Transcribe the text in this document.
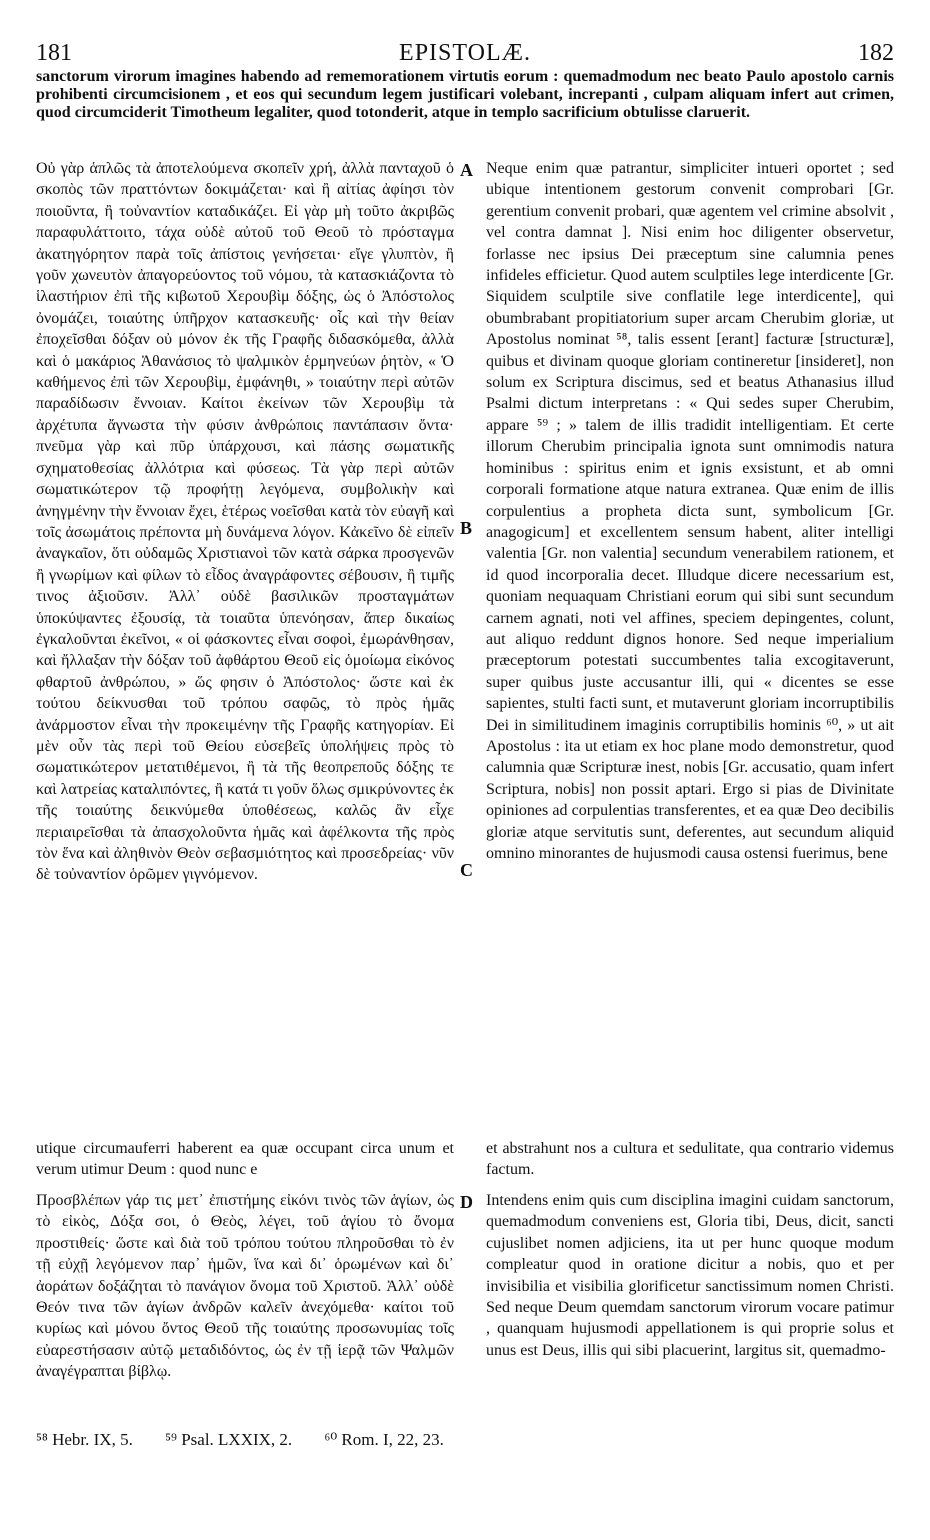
181	EPISTOLÆ.	182
sanctorum virorum imagines habendo ad rememorationem virtutis eorum : quemadmodum nec beato Paulo apostolo carnis prohibenti circumcisionem , et eos qui secundum legem justificari volebant, increpanti , culpam aliquam infert aut crimen, quod circumciderit Timotheum legaliter, quod totonderit, atque in templo sacrificium obtulisse claruerit.
Οὐ γὰρ ἁπλῶς τὰ ἀποτελούμενα σκοπεῖν χρή, ἀλλὰ πανταχοῦ ὁ σκοπὸς τῶν πραττόντων δοκιμάζεται· καὶ ἢ αἰτίας ἀφίησι τὸν ποιοῦντα, ἢ τοὐναντίον καταδικάζει. Εἰ γὰρ μὴ τοῦτο ἀκριβῶς παραφυλάττοιτο, τάχα οὐδὲ αὐτοῦ τοῦ Θεοῦ τὸ πρόσταγμα ἀκατηγόρητον παρὰ τοῖς ἀπίστοις γενήσεται· εἴγε γλυπτὸν, ἢ γοῦν χωνευτὸν ἀπαγορεύοντος τοῦ νόμου, τὰ κατασκιάζοντα τὸ ἱλαστήριον ἐπὶ τῆς κιβωτοῦ Χερουβὶμ δόξης, ὡς ὁ Ἀπόστολος ὀνομάζει, τοιαύτης ὑπῆρχον κατασκευῆς· οἷς καὶ τὴν θείαν ἐποχεῖσθαι δόξαν οὐ μόνον ἐκ τῆς Γραφῆς διδασκόμεθα, ἀλλὰ καὶ ὁ μακάριος Ἀθανάσιος τὸ ψαλμικὸν ἑρμηνεύων ῥητὸν, « Ὁ καθήμενος ἐπὶ τῶν Χερουβὶμ, ἐμφάνηθι, » τοιαύτην περὶ αὐτῶν παραδίδωσιν ἔννοιαν. Καίτοι ἐκείνων τῶν Χερουβὶμ τὰ ἀρχέτυπα ἄγνωστα τὴν φύσιν ἀνθρώποις παντάπασιν ὄντα· πνεῦμα γὰρ καὶ πῦρ ὑπάρχουσι, καὶ πάσης σωματικῆς σχηματοθεσίας ἀλλότρια καὶ φύσεως. Τὰ γὰρ περὶ αὐτῶν σωματικώτερον τῷ προφήτῃ λεγόμενα, συμβολικὴν καὶ ἀνηγμένην τὴν ἔννοιαν ἔχει, ἑτέρως νοεῖσθαι κατὰ τὸν εὐαγῆ καὶ τοῖς ἀσωμάτοις πρέποντα μὴ δυνάμενα λόγον. Κἀκεῖνο δὲ εἰπεῖν ἀναγκαῖον, ὅτι οὐδαμῶς Χριστιανοὶ τῶν κατὰ σάρκα προσγενῶν ἢ γνωρίμων καὶ φίλων τὸ εἶδος ἀναγράφοντες σέβουσιν, ἢ τιμῆς τινος ἀξιοῦσιν. Ἀλλ᾽ οὐδὲ βασιλικῶν προσταγμάτων ὑποκύψαντες ἐξουσίᾳ, τὰ τοιαῦτα ὑπενόησαν, ἅπερ δικαίως ἐγκαλοῦνται ἐκεῖνοι, « οἱ φάσκοντες εἶναι σοφοὶ, ἐμωράνθησαν, καὶ ἤλλαξαν τὴν δόξαν τοῦ ἀφθάρτου Θεοῦ εἰς ὁμοίωμα εἰκόνος φθαρτοῦ ἀνθρώπου, » ὥς φησιν ὁ Ἀπόστολος· ὥστε καὶ ἐκ τούτου δείκνυσθαι τοῦ τρόπου σαφῶς, τὸ πρὸς ἡμᾶς ἀνάρμοστον εἶναι τὴν προκειμένην τῆς Γραφῆς κατηγορίαν. Εἰ μὲν οὖν τὰς περὶ τοῦ Θείου εὐσεβεῖς ὑπολήψεις πρὸς τὸ σωματικώτερον μετατιθέμενοι, ἢ τὰ τῆς θεοπρεποῦς δόξης τε καὶ λατρείας καταλιπόντες, ἢ κατά τι γοῦν ὅλως σμικρύνοντες ἐκ τῆς τοιαύτης δεικνύμεθα ὑποθέσεως, καλῶς ἂν εἶχε περιαιρεῖσθαι τὰ ἀπασχολοῦντα ἡμᾶς καὶ ἀφέλκοντα τῆς πρὸς τὸν ἕνα καὶ ἀληθινὸν Θεὸν σεβασμιότητος καὶ προσεδρείας· νῦν δὲ τοὐναντίον ὁρῶμεν γιγνόμενον.
Neque enim quæ patrantur, simpliciter intueri oportet ; sed ubique intentionem gestorum convenit comprobari [Gr. gerentium convenit probari, quæ agentem vel crimine absolvit , vel contra damnat ]. Nisi enim hoc diligenter observetur, forlasse nec ipsius Dei præceptum sine calumnia penes infideles efficietur. Quod autem sculptiles lege interdicente [Gr. Siquidem sculptile sive conflatile lege interdicente], qui obumbrabant propitiatorium super arcam Cherubim gloriæ, ut Apostolus nominat ⁵⁸, talis essent [erant] facturæ [structuræ], quibus et divinam quoque gloriam contineretur [insideret], non solum ex Scriptura discimus, sed et beatus Athanasius illud Psalmi dictum interpretans : « Qui sedes super Cherubim, appare ⁵⁹ ; » talem de illis tradidit intelligentiam. Et certe illorum Cherubim principalia ignota sunt omnimodis natura hominibus : spiritus enim et ignis exsistunt, et ab omni corporali formatione atque natura extranea. Quæ enim de illis corpulentius a propheta dicta sunt, symbolicum [Gr. anagogicum] et excellentem sensum habent, aliter intelligi valentia [Gr. non valentia] secundum venerabilem rationem, et id quod incorporalia decet. Illudque dicere necessarium est, quoniam nequaquam Christiani eorum qui sibi sunt secundum carnem agnati, noti vel affines, speciem depingentes, colunt, aut aliquo reddunt dignos honore. Sed neque imperialium præceptorum potestati succumbentes talia excogitaverunt, super quibus juste accusantur illi, qui « dicentes se esse sapientes, stulti facti sunt, et mutaverunt gloriam incorruptibilis Dei in similitudinem imaginis corruptibilis hominis ⁶⁰, » ut ait Apostolus : ita ut etiam ex hoc plane modo demonstretur, quod calumnia quæ Scripturæ inest, nobis [Gr. accusatio, quam infert Scriptura, nobis] non possit aptari. Ergo si pias de Divinitate opiniones ad corpulentias transferentes, et ea quæ Deo decibilis gloriæ atque servitutis sunt, deferentes, aut secundum aliquid omnino minorantes de hujusmodi causa ostensi fuerimus, bene
utique circumauferri haberent ea quæ occupant circa unum et verum utimur Deum : quod nunc e
et abstrahunt nos a cultura et sedulitate, qua contrario videmus factum.
Προσβλέπων γάρ τις μετ᾽ ἐπιστήμης εἰκόνι τινὸς τῶν ἁγίων, ὡς τὸ εἰκὸς, Δόξα σοι, ὁ Θεὸς, λέγει, τοῦ ἁγίου τὸ ὄνομα προστιθείς· ὥστε καὶ διὰ τοῦ τρόπου τούτου πληροῦσθαι τὸ ἐν τῇ εὐχῇ λεγόμενον παρ᾽ ἡμῶν, ἵνα καὶ δι᾽ ὁρωμένων καὶ δι᾽ ἀοράτων δοξάζηται τὸ πανάγιον ὄνομα τοῦ Χριστοῦ. Ἀλλ᾽ οὐδὲ Θεόν τινα τῶν ἁγίων ἀνδρῶν καλεῖν ἀνεχόμεθα· καίτοι τοῦ κυρίως καὶ μόνου ὄντος Θεοῦ τῆς τοιαύτης προσωνυμίας τοῖς εὐαρεστήσασιν αὐτῷ μεταδιδόντος, ὡς ἐν τῇ ἱερᾷ τῶν Ψαλμῶν ἀναγέγραπται βίβλῳ.
Intendens enim quis cum disciplina imagini cuidam sanctorum, quemadmodum conveniens est, Gloria tibi, Deus, dicit, sancti cujuslibet nomen adjiciens, ita ut per hunc quoque modum compleatur quod in oratione dicitur a nobis, quo et per invisibilia et visibilia glorificetur sanctissimum nomen Christi. Sed neque Deum quemdam sanctorum virorum vocare patimur , quanquam hujusmodi appellationem is qui proprie solus et unus est Deus, illis qui sibi placuerint, largitus sit, quemadmo-
A
B
C
D
⁵⁸ Hebr. IX, 5. ⁵⁹ Psal. LXXIX, 2. ⁶⁰ Rom. I, 22, 23.
